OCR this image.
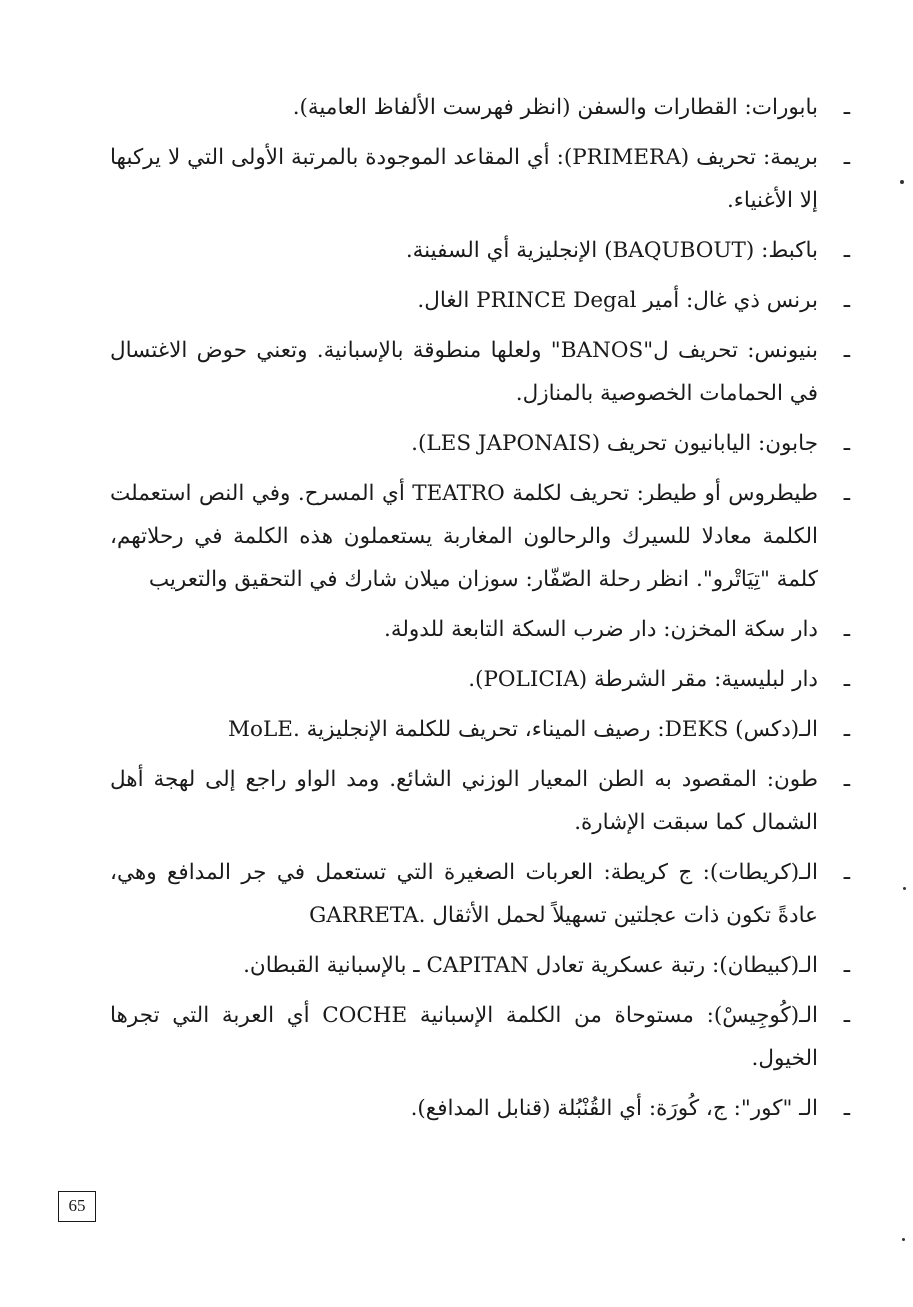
ـ
بابورات: القطارات والسفن (انظر فهرست الألفاظ العامية).
ـ
بريمة: تحريف (PRIMERA): أي المقاعد الموجودة بالمرتبة الأولى التي لا يركبها إلا الأغنياء.
ـ
باكبط: (BAQUBOUT) الإنجليزية أي السفينة.
ـ
برنس ذي غال: أمير PRINCE Degal الغال.
ـ
بنيونس: تحريف ل"BANOS" ولعلها منطوقة بالإسبانية. وتعني حوض الاغتسال في الحمامات الخصوصية بالمنازل.
ـ
جابون: اليابانيون تحريف (LES JAPONAIS).
ـ
طيطروس أو طيطر: تحريف لكلمة TEATRO أي المسرح. وفي النص استعملت الكلمة معادلا للسيرك والرحالون المغاربة يستعملون هذه الكلمة في رحلاتهم، كلمة "تِيَاتْرو". انظر رحلة الصّفّار: سوزان ميلان شارك في التحقيق والتعريب
ـ
دار سكة المخزن: دار ضرب السكة التابعة للدولة.
ـ
دار لبليسية: مقر الشرطة (POLICIA).
ـ
الـ(دكس) DEKS: رصيف الميناء، تحريف للكلمة الإنجليزية .MoLE
ـ
طون: المقصود به الطن المعيار الوزني الشائع. ومد الواو راجع إلى لهجة أهل الشمال كما سبقت الإشارة.
ـ
الـ(كريطات): ج كريطة: العربات الصغيرة التي تستعمل في جر المدافع وهي، عادةً تكون ذات عجلتين تسهيلاً لحمل الأثقال .GARRETA
ـ
الـ(كبيطان): رتبة عسكرية تعادل CAPITAN ـ بالإسبانية القبطان.
ـ
الـ(كُوجِيسْ): مستوحاة من الكلمة الإسبانية COCHE أي العربة التي تجرها الخيول.
ـ
الـ "كور": ج، كُورَة: أي القُنْبُلة (قنابل المدافع).
65
